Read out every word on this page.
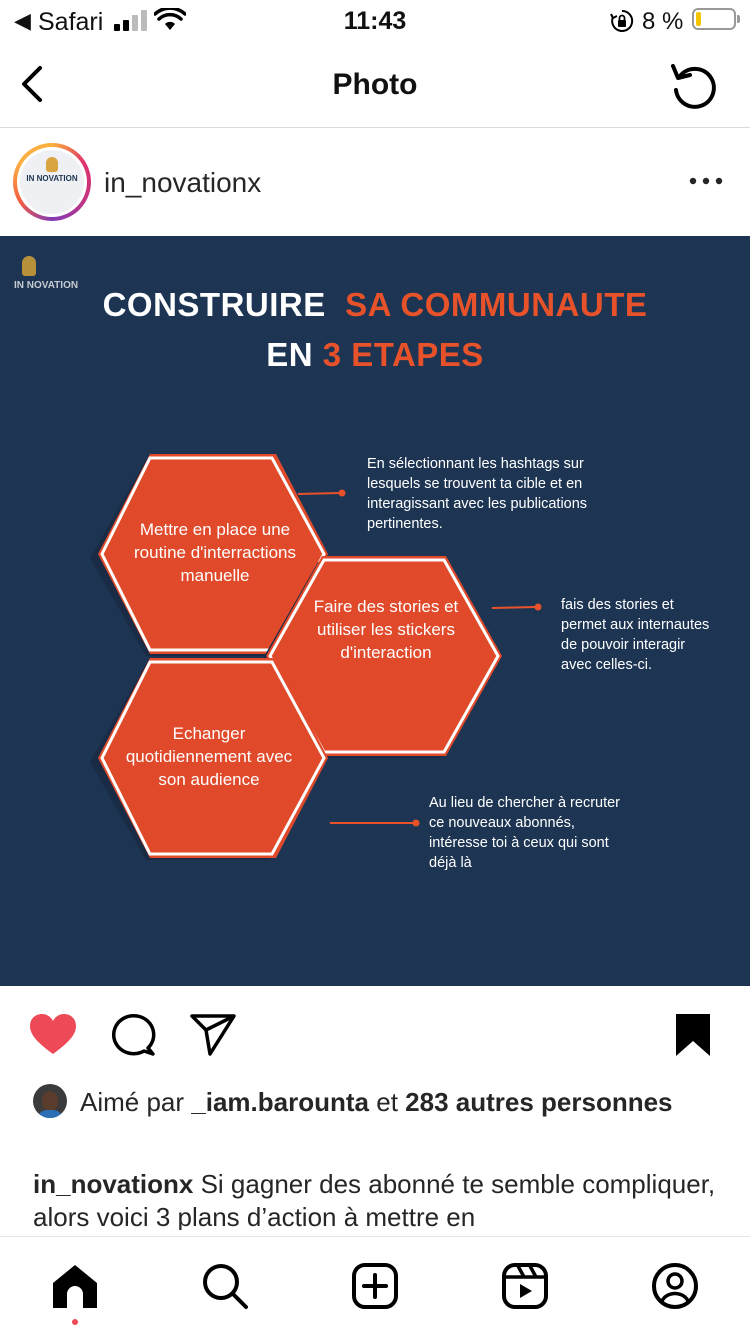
◀ Safari	11:43	8 %
Photo
IN NOVATION in_novationx
IN NOVATION
CONSTRUIRE SA COMMUNAUTE
EN 3 ETAPES
Mettre en place une routine d'interractions manuelle
Faire des stories et utiliser les stickers d'interaction
Echanger quotidiennement avec son audience
En sélectionnant les hashtags sur lesquels se trouvent ta cible et en interagissant avec les publications pertinentes.
fais des stories et permet aux internautes de pouvoir interagir avec celles-ci.
Au lieu de chercher à recruter ce nouveaux abonnés, intéresse toi à ceux qui sont déjà là
Aimé par _iam.barounta et 283 autres personnes
in_novationx Si gagner des abonné te semble compliquer, alors voici 3 plans d’action à mettre en
